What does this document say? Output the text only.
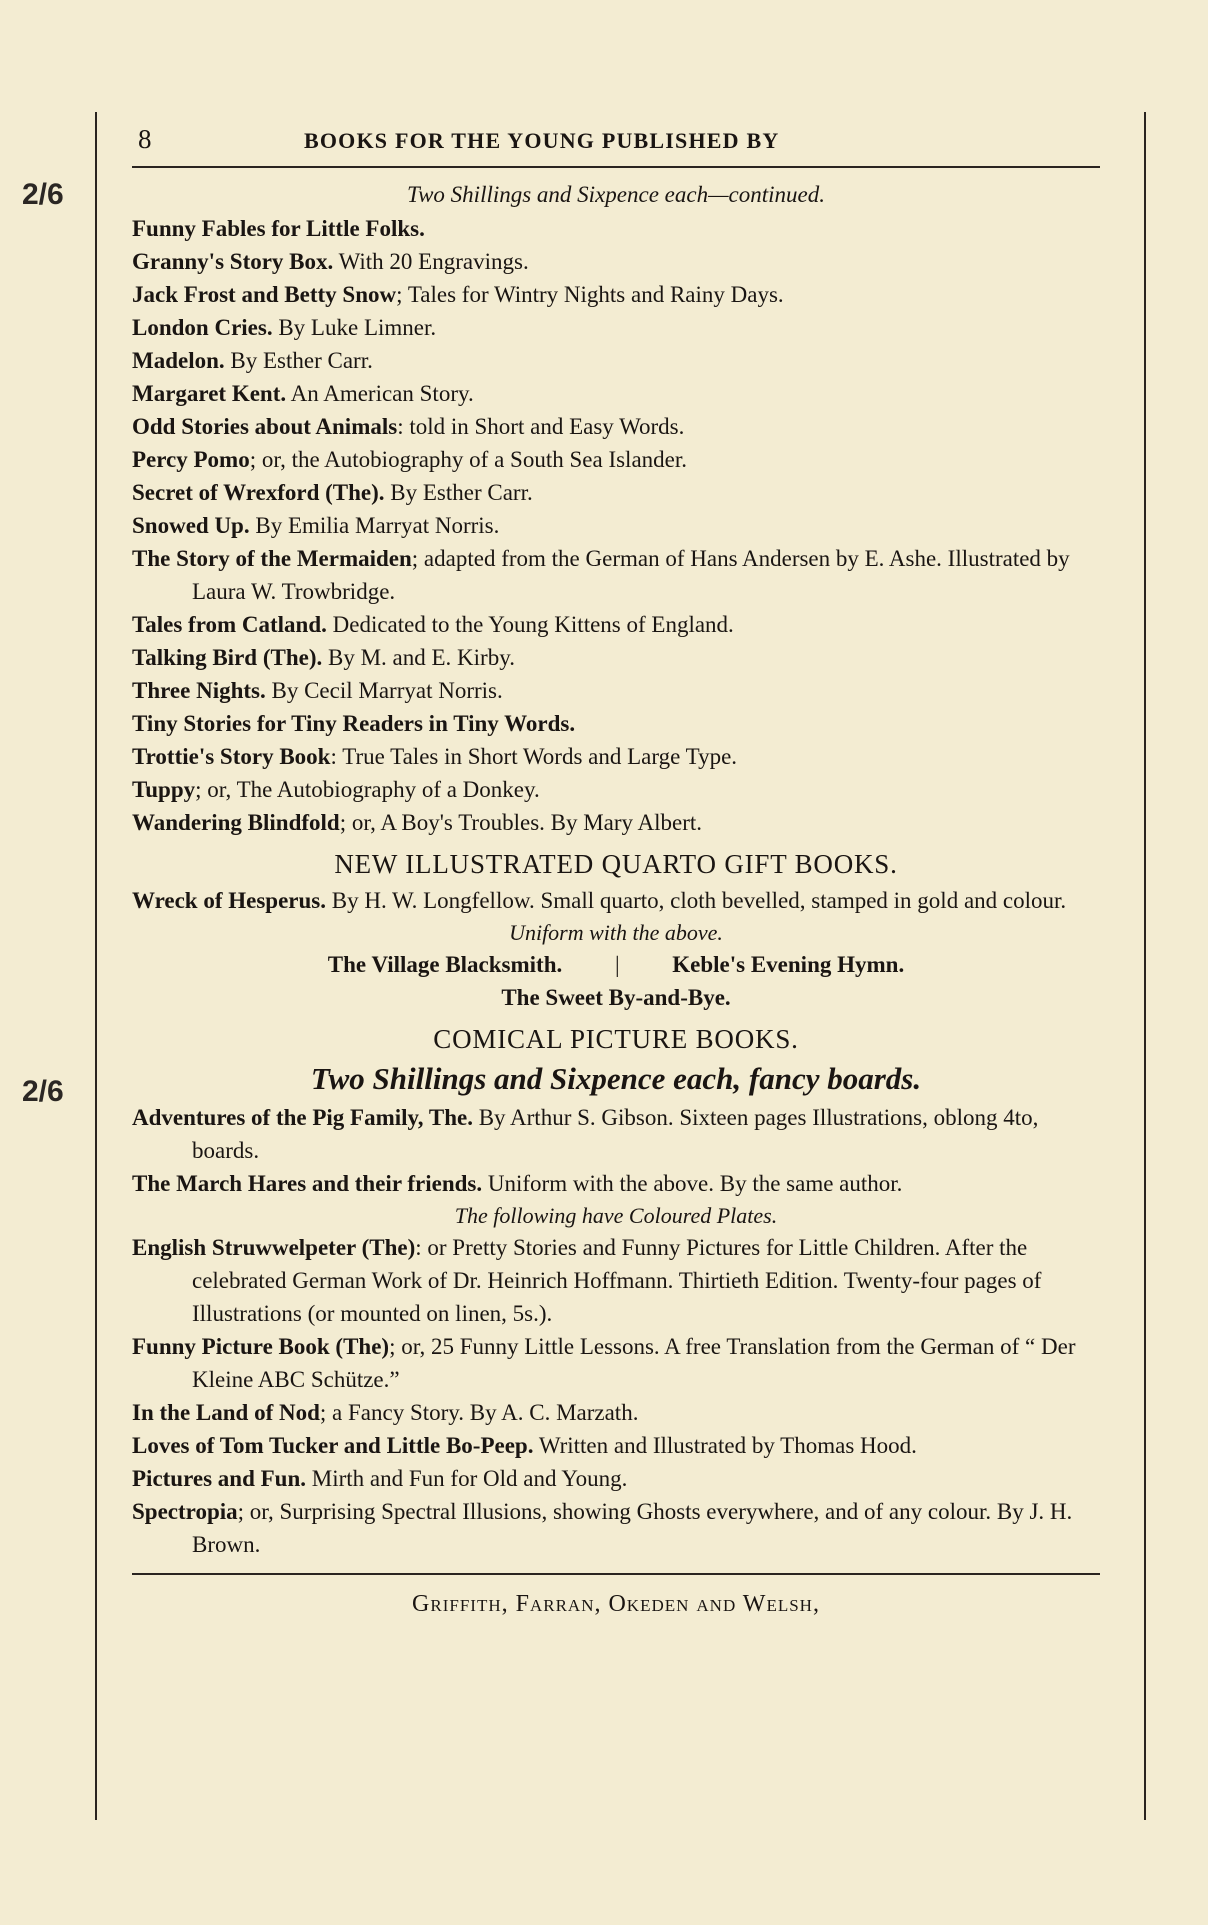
2/6
2/6
8	BOOKS FOR THE YOUNG PUBLISHED BY
Two Shillings and Sixpence each—continued.
Funny Fables for Little Folks.
Granny's Story Box. With 20 Engravings.
Jack Frost and Betty Snow; Tales for Wintry Nights and Rainy Days.
London Cries. By Luke Limner.
Madelon. By Esther Carr.
Margaret Kent. An American Story.
Odd Stories about Animals: told in Short and Easy Words.
Percy Pomo; or, the Autobiography of a South Sea Islander.
Secret of Wrexford (The). By Esther Carr.
Snowed Up. By Emilia Marryat Norris.
The Story of the Mermaiden; adapted from the German of Hans Andersen by E. Ashe. Illustrated by Laura W. Trowbridge.
Tales from Catland. Dedicated to the Young Kittens of England.
Talking Bird (The). By M. and E. Kirby.
Three Nights. By Cecil Marryat Norris.
Tiny Stories for Tiny Readers in Tiny Words.
Trottie's Story Book: True Tales in Short Words and Large Type.
Tuppy; or, The Autobiography of a Donkey.
Wandering Blindfold; or, A Boy's Troubles. By Mary Albert.
NEW ILLUSTRATED QUARTO GIFT BOOKS.
Wreck of Hesperus. By H. W. Longfellow. Small quarto, cloth bevelled, stamped in gold and colour.
Uniform with the above.
The Village Blacksmith.	|	Keble's Evening Hymn.
The Sweet By-and-Bye.
COMICAL PICTURE BOOKS.
Two Shillings and Sixpence each, fancy boards.
Adventures of the Pig Family, The. By Arthur S. Gibson. Sixteen pages Illustrations, oblong 4to, boards.
The March Hares and their friends. Uniform with the above. By the same author.
The following have Coloured Plates.
English Struwwelpeter (The): or Pretty Stories and Funny Pictures for Little Children. After the celebrated German Work of Dr. Heinrich Hoffmann. Thirtieth Edition. Twenty-four pages of Illustrations (or mounted on linen, 5s.).
Funny Picture Book (The); or, 25 Funny Little Lessons. A free Translation from the German of “ Der Kleine ABC Schütze.”
In the Land of Nod; a Fancy Story. By A. C. Marzath.
Loves of Tom Tucker and Little Bo-Peep. Written and Illustrated by Thomas Hood.
Pictures and Fun. Mirth and Fun for Old and Young.
Spectropia; or, Surprising Spectral Illusions, showing Ghosts everywhere, and of any colour. By J. H. Brown.
Griffith, Farran, Okeden and Welsh,
